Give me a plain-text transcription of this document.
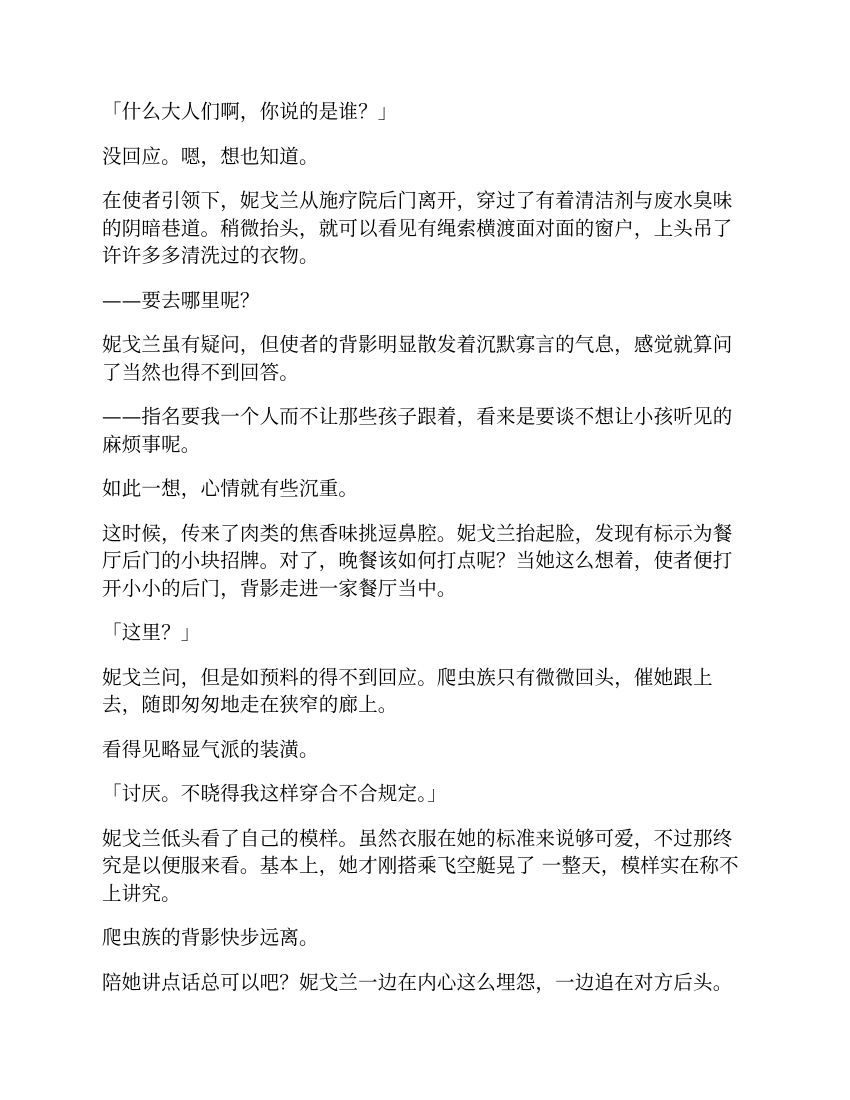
「什么大人们啊，你说的是谁？」

没回应。嗯，想也知道。

在使者引领下，妮戈兰从施疗院后门离开，穿过了有着清洁剂与废水臭味的阴暗巷道。稍微抬头，就可以看见有绳索横渡面对面的窗户，上头吊了许许多多清洗过的衣物。

——要去哪里呢？

妮戈兰虽有疑问，但使者的背影明显散发着沉默寡言的气息，感觉就算问了当然也得不到回答。

——指名要我一个人而不让那些孩子跟着，看来是要谈不想让小孩听见的麻烦事呢。

如此一想，心情就有些沉重。

这时候，传来了肉类的焦香味挑逗鼻腔。妮戈兰抬起脸，发现有标示为餐厅后门的小块招牌。对了，晚餐该如何打点呢？当她这么想着，使者便打开小小的后门，背影走进一家餐厅当中。

「这里？」

妮戈兰问，但是如预料的得不到回应。爬虫族只有微微回头，催她跟上去，随即匆匆地走在狭窄的廊上。

看得见略显气派的装潢。

「讨厌。不晓得我这样穿合不合规定。」

妮戈兰低头看了自己的模样。虽然衣服在她的标准来说够可爱，不过那终究是以便服来看。基本上，她才刚搭乘飞空艇晃了 一整天，模样实在称不上讲究。

爬虫族的背影快步远离。

陪她讲点话总可以吧？妮戈兰一边在内心这么埋怨，一边追在对方后头。
